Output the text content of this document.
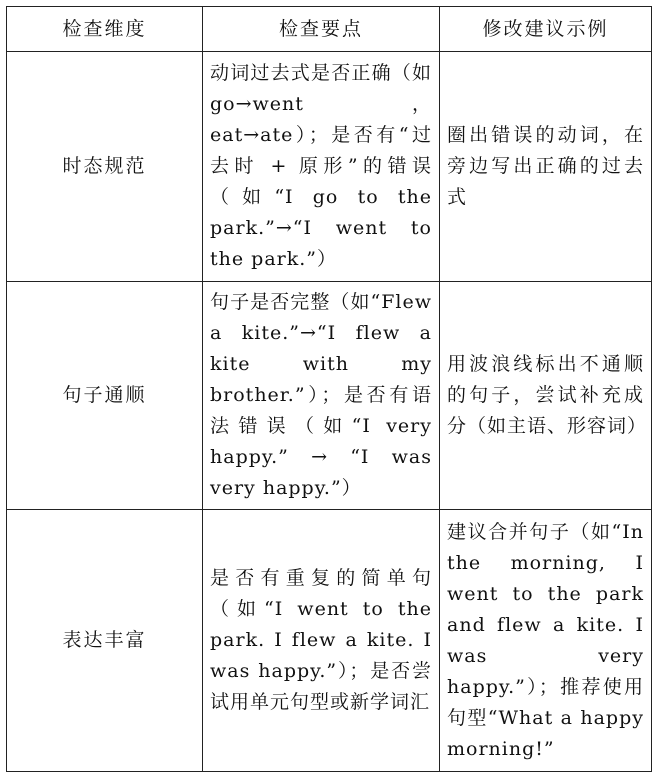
检查维度	检查要点	修改建议示例
时态规范	动词过去式是否正确（如 go→went，eat→ate）；是否有“过去时 + 原形”的错误（如“I go to the park.”→“I went to the park.”）	圈出错误的动词，在旁边写出正确的过去式
句子通顺	句子是否完整（如“Flew a kite.”→“I flew a kite with my brother.”）；是否有语法错误（如“I very happy.” → “I was very happy.”）	用波浪线标出不通顺的句子，尝试补充成分（如主语、形容词）
表达丰富	是否有重复的简单句（如“I went to the park. I flew a kite. I was happy.”）；是否尝试用单元句型或新学词汇	建议合并句子（如“In the morning, I went to the park and flew a kite. I was very happy.”）；推荐使用句型“What a happy morning!”
